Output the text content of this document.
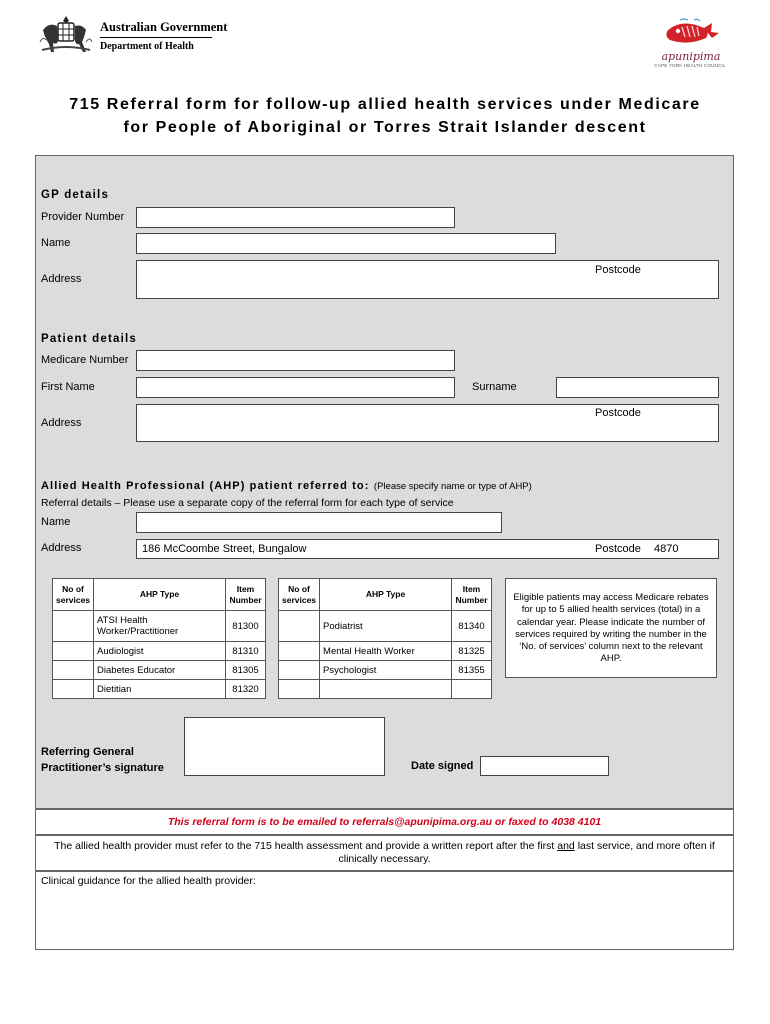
Australian Government
Department of Health
apunipima
CAPE YORK HEALTH COUNCIL
715 Referral form for follow-up allied health services under Medicare
for People of Aboriginal or Torres Strait Islander descent
GP details
Provider Number
Name
Address
Postcode
Patient details
Medicare Number
First Name	Surname
Address
Postcode
Allied Health Professional (AHP) patient referred to: (Please specify name or type of AHP)
Referral details – Please use a separate copy of the referral form for each type of service
Name
Address	186 McCoombe Street, Bungalow	Postcode 4870
No of
services	AHP Type	Item
Number
	ATSI Health Worker/Practitioner	81300
	Audiologist	81310
	Diabetes Educator	81305
	Dietitian	81320
No of
services	AHP Type	Item
Number
	Podiatrist	81340
	Mental Health Worker	81325
	Psychologist	81355

Eligible patients may access Medicare rebates for up to 5 allied health services (total) in a calendar year. Please indicate the number of services required by writing the number in the ‘No. of services’ column next to the relevant AHP.
Referring General
Practitioner’s signature	Date signed
This referral form is to be emailed to referrals@apunipima.org.au or faxed to 4038 4101
The allied health provider must refer to the 715 health assessment and provide a written report after the first and last service, and more often if clinically necessary.
Clinical guidance for the allied health provider:
